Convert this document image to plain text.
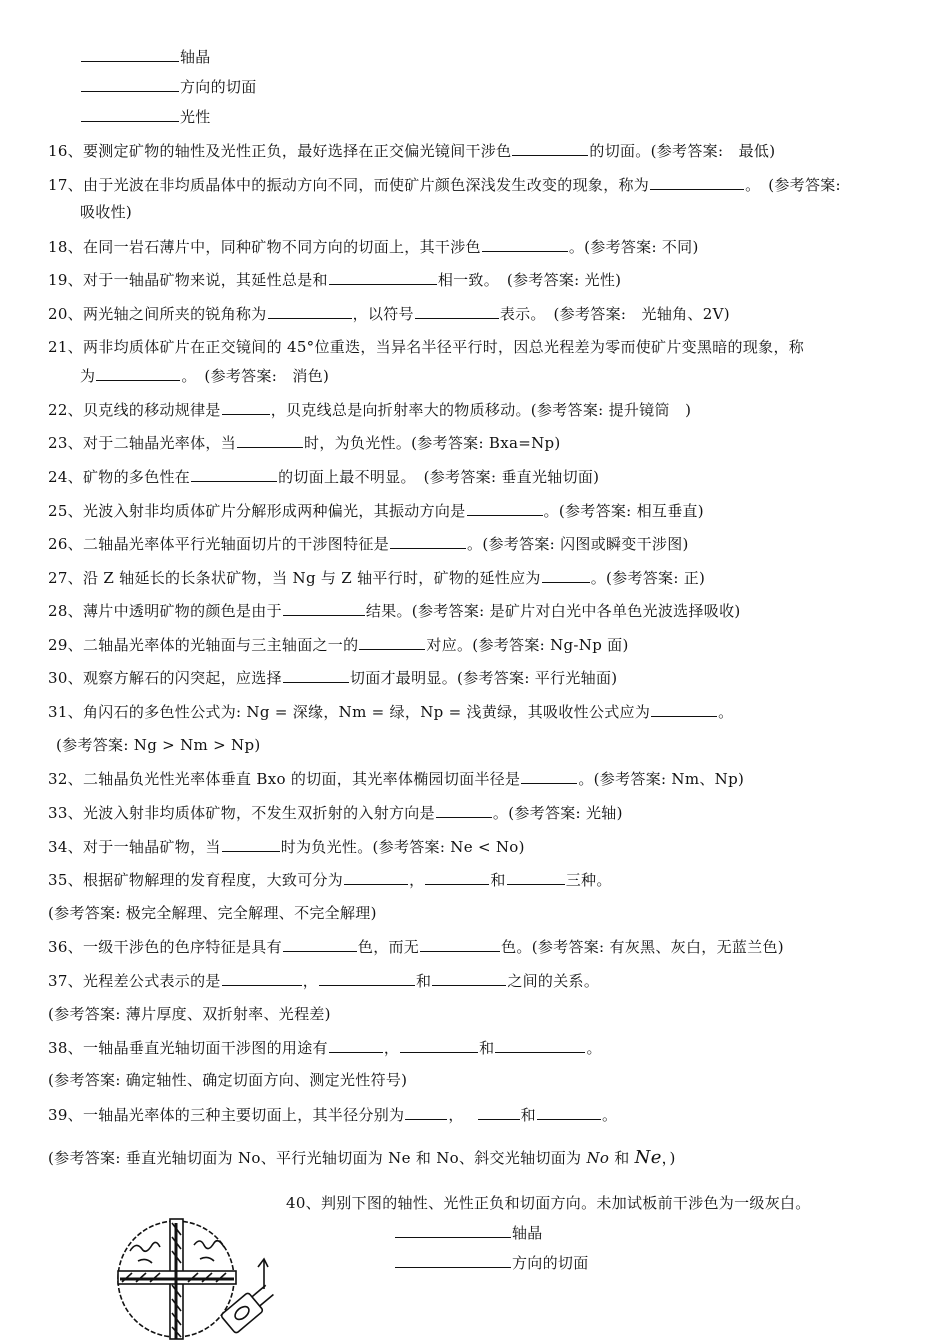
轴晶
方向的切面
光性
16、要测定矿物的轴性及光性正负，最好选择在正交偏光镜间干涉色	的切面。(参考答案:　最低)
17、由于光波在非均质晶体中的振动方向不同，而使矿片颜色深浅发生改变的现象，称为	。　(参考答案:
吸收性)
18、在同一岩石薄片中，同种矿物不同方向的切面上，其干涉色	。(参考答案: 不同)
19、对于一轴晶矿物来说，其延性总是和	相一致。　(参考答案: 光性)
20、两光轴之间所夹的锐角称为	，以符号	表示。　(参考答案:　光轴角、2V)
21、两非均质体矿片在正交镜间的 45°位重迭，当异名半径平行时，因总光程差为零而使矿片变黑暗的现象，称
为	。　(参考答案:　消色)
22、贝克线的移动规律是	，贝克线总是向折射率大的物质移动。(参考答案: 提升镜筒　)
23、对于二轴晶光率体，当	时，为负光性。(参考答案: Bxa=Np)
24、矿物的多色性在	的切面上最不明显。　(参考答案: 垂直光轴切面)
25、光波入射非均质体矿片分解形成两种偏光，其振动方向是	。(参考答案: 相互垂直)
26、二轴晶光率体平行光轴面切片的干涉图特征是	。(参考答案: 闪图或瞬变干涉图)
27、沿 Z 轴延长的长条状矿物，当 Ng 与 Z 轴平行时，矿物的延性应为	。(参考答案: 正)
28、薄片中透明矿物的颜色是由于	结果。(参考答案: 是矿片对白光中各单色光波选择吸收)
29、二轴晶光率体的光轴面与三主轴面之一的	对应。(参考答案: Ng-Np 面)
30、观察方解石的闪突起，应选择	切面才最明显。(参考答案: 平行光轴面)
31、角闪石的多色性公式为: Ng = 深缘，Nm = 绿，Np = 浅黄绿，其吸收性公式应为	。
(参考答案: Ng > Nm > Np)
32、二轴晶负光性光率体垂直 Bxo 的切面，其光率体椭园切面半径是	。(参考答案: Nm、Np)
33、光波入射非均质体矿物，不发生双折射的入射方向是	。(参考答案: 光轴)
34、对于一轴晶矿物，当	时为负光性。(参考答案: Ne < No)
35、根据矿物解理的发育程度，大致可分为	，	和	三种。
(参考答案: 极完全解理、完全解理、不完全解理)
36、一级干涉色的色序特征是具有	色，而无	色。(参考答案: 有灰黑、灰白，无蓝兰色)
37、光程差公式表示的是	，	和	之间的关系。
(参考答案: 薄片厚度、双折射率、光程差)
38、一轴晶垂直光轴切面干涉图的用途有	，	和	。
(参考答案: 确定轴性、确定切面方向、测定光性符号)
39、一轴晶光率体的三种主要切面上，其半径分别为	，	和	。
(参考答案: 垂直光轴切面为 No、平行光轴切面为 Ne 和 No、斜交光轴切面为 No 和 Ne，)
40、判别下图的轴性、光性正负和切面方向。未加试板前干涉色为一级灰白。
轴晶
方向的切面
